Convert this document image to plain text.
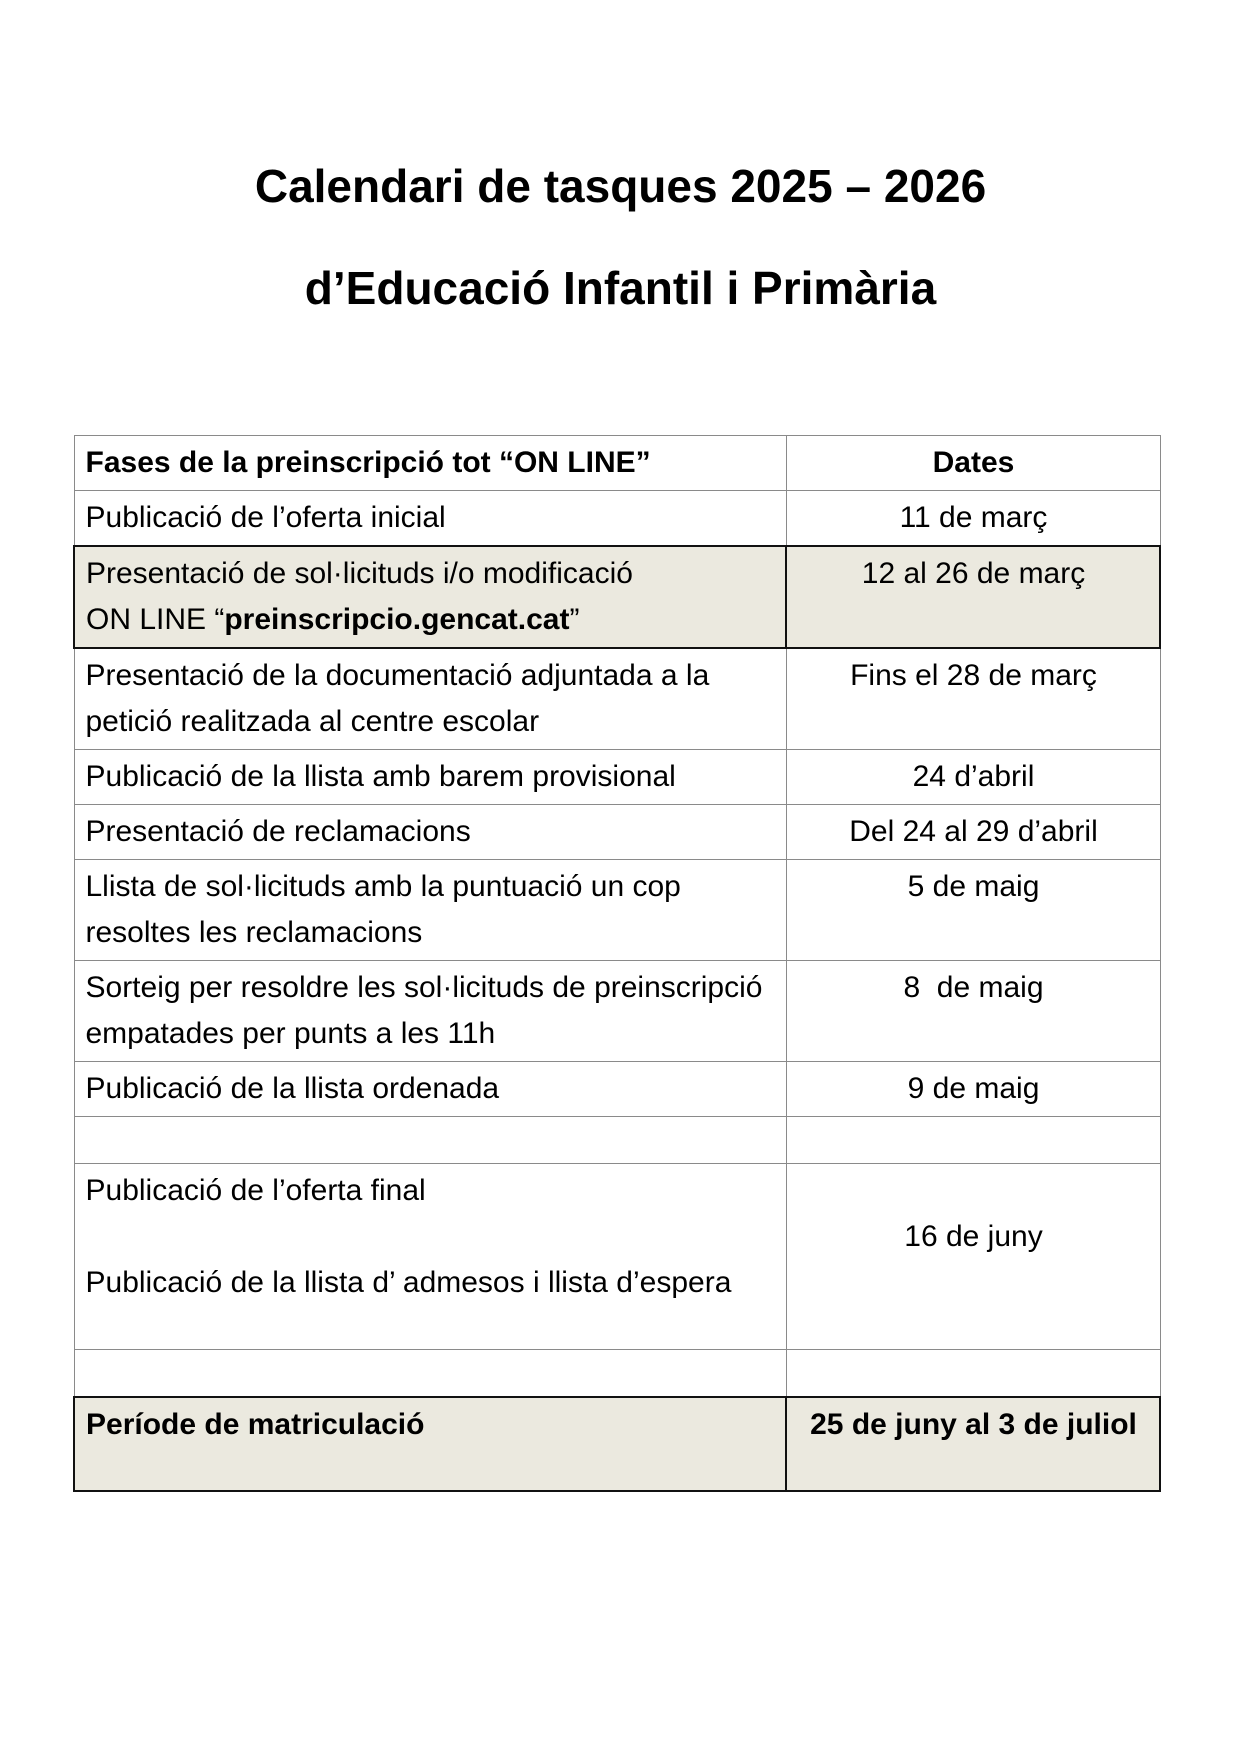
Calendari de tasques 2025 – 2026
d’Educació Infantil i Primària
Fases de la preinscripció tot “ON LINE”	Dates
Publicació de l’oferta inicial	11 de març

Presentació de sol·licituds i/o modificació
ON LINE “preinscripcio.gencat.cat”	12 al 26 de març
Presentació de la documentació adjuntada a la petició realitzada al centre escolar	Fins el 28 de març
Publicació de la llista amb barem provisional	24 d’abril
Presentació de reclamacions	Del 24 al 29 d’abril
Llista de sol·licituds amb la puntuació un cop resoltes les reclamacions	5 de maig
Sorteig per resoldre les sol·licituds de preinscripció empatades per punts a les 11h	8  de maig
Publicació de la llista ordenada	9 de maig

Publicació de l’oferta final
Publicació de la llista d’ admesos i llista d’espera	16 de juny

Període de matriculació	25 de juny al 3 de juliol
